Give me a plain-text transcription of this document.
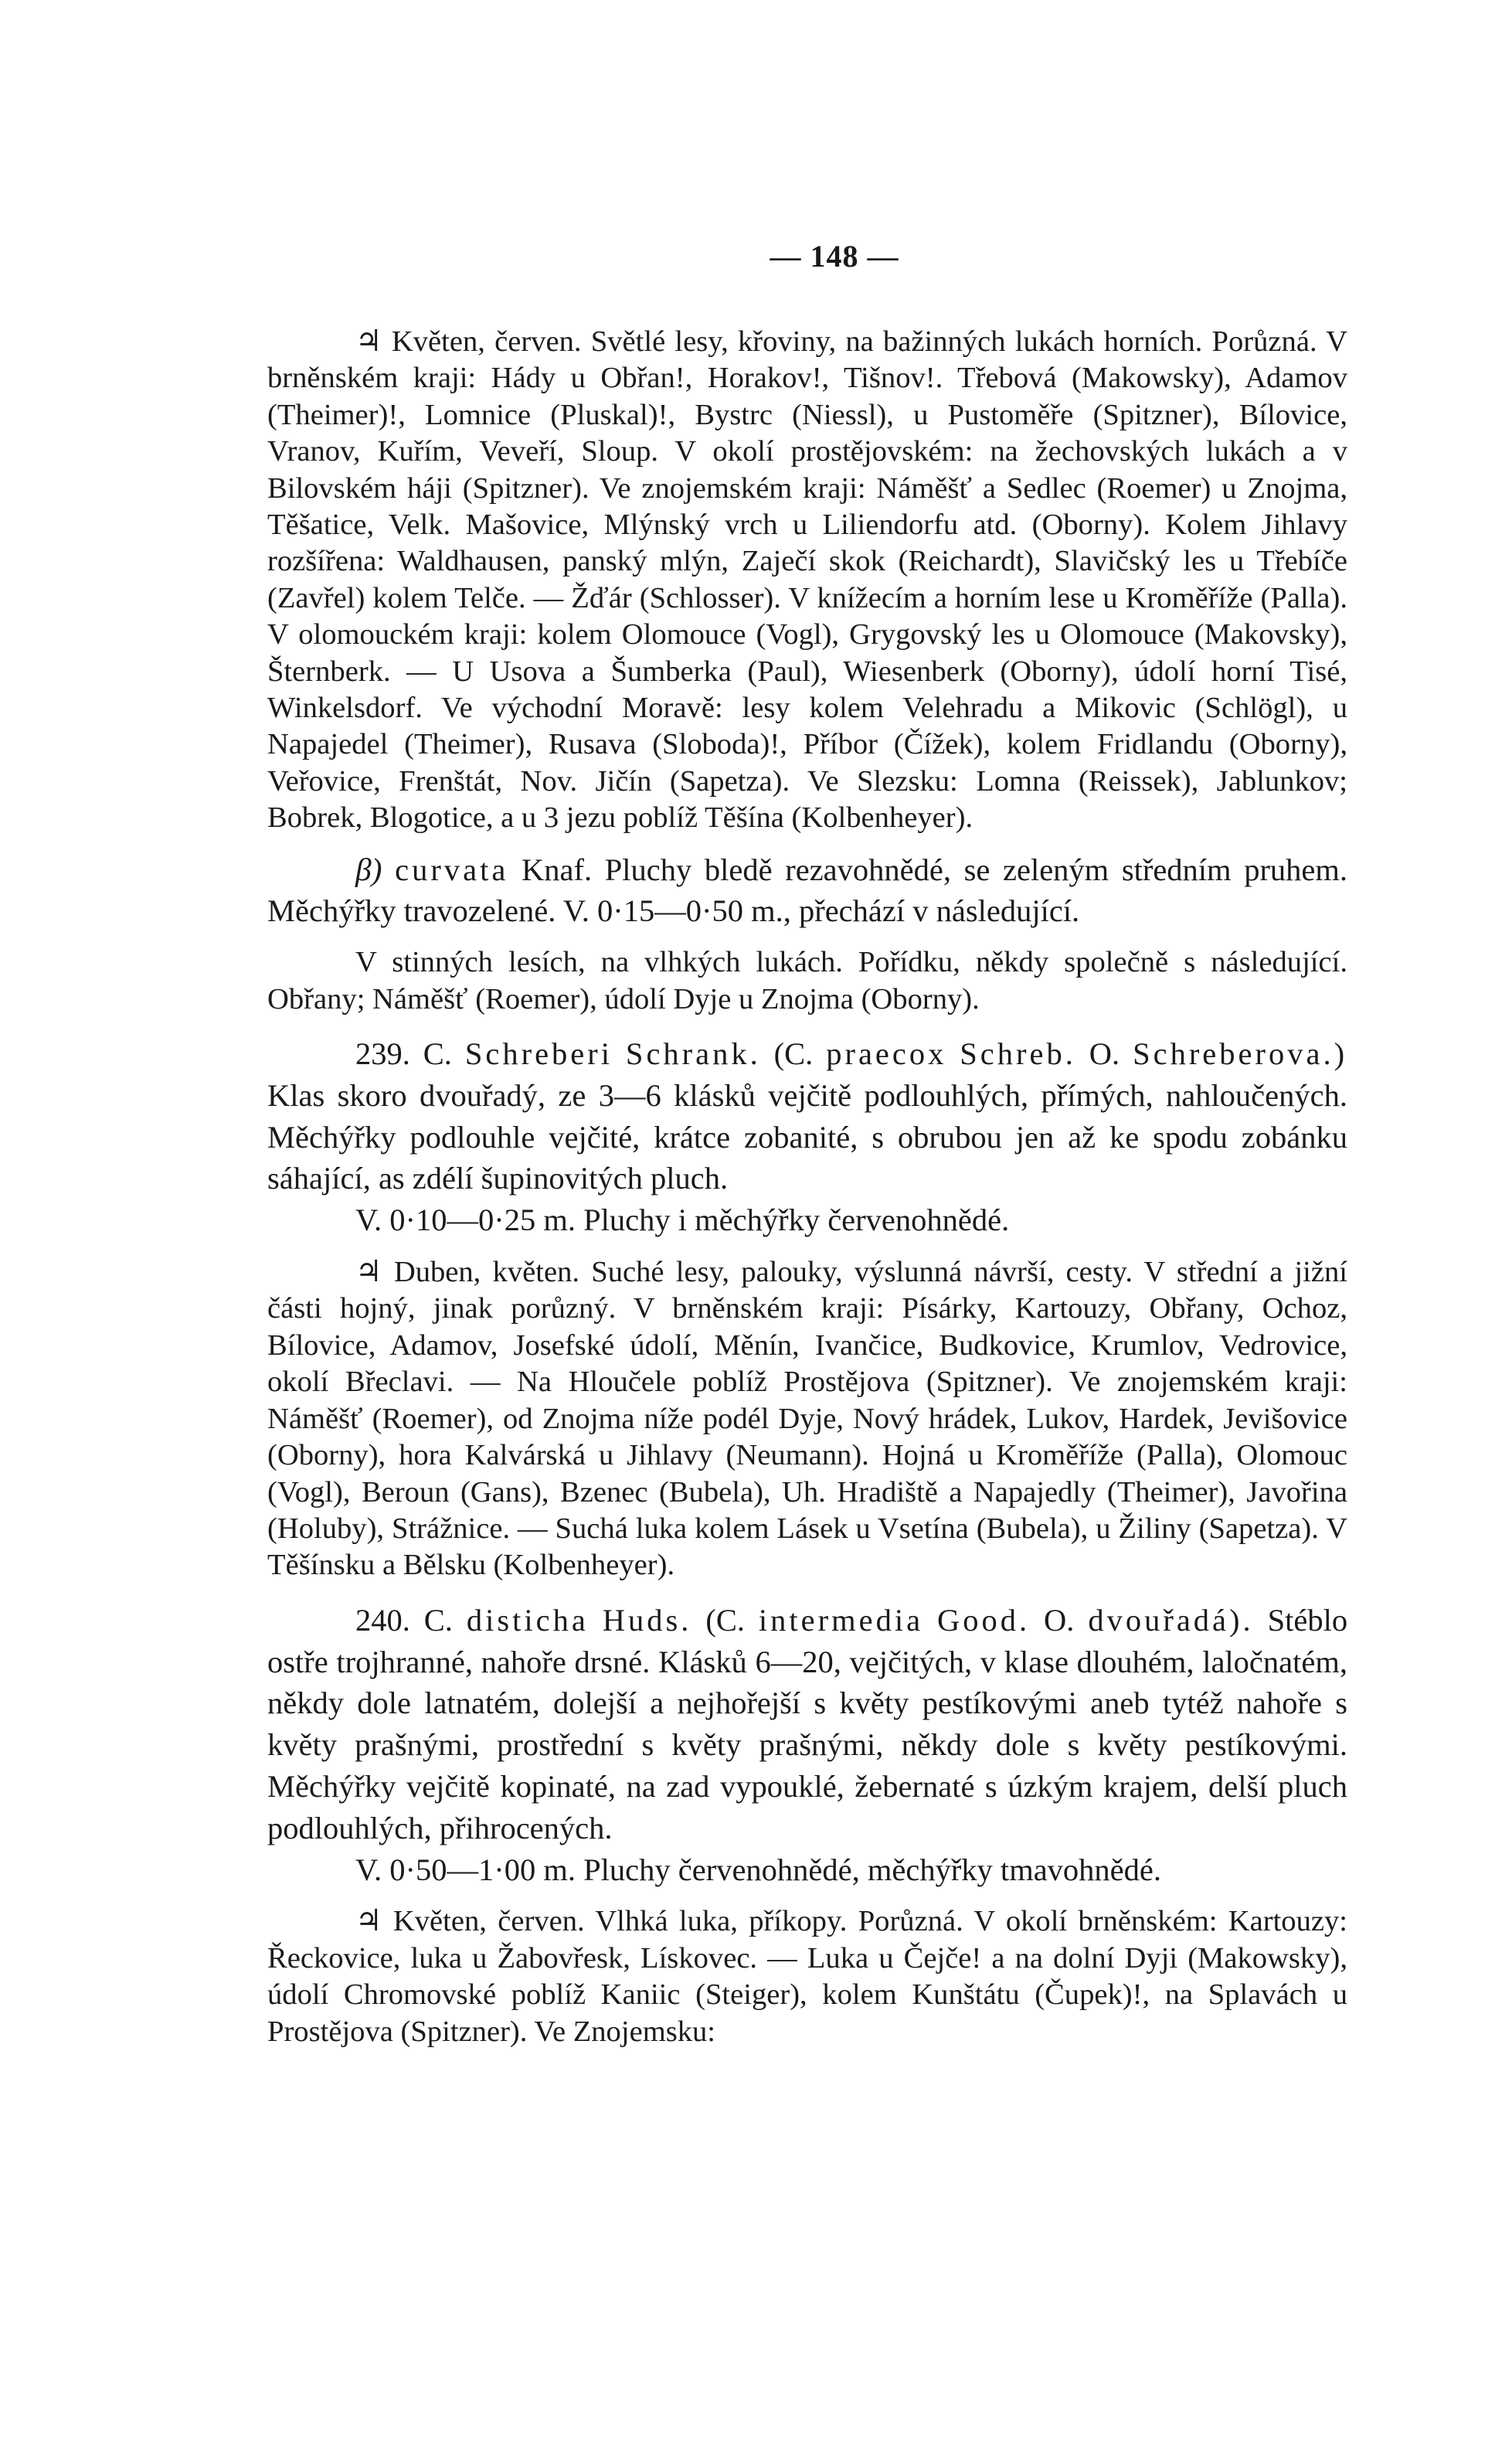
— 148 —

♃ Květen, červen. Světlé lesy, křoviny, na bažinných lukách horních. Porůzná. V brněnském kraji: Hády u Obřan!, Horakov!, Tišnov!. Třebová (Makowsky), Adamov (Theimer)!, Lomnice (Pluskal)!, Bystrc (Niessl), u Pustoměře (Spitzner), Bílovice, Vranov, Kuřím, Veveří, Sloup. V okolí prostějovském: na žechovských lukách a v Bilovském háji (Spitzner). Ve znojemském kraji: Náměšť a Sedlec (Roemer) u Znojma, Těšatice, Velk. Mašovice, Mlýnský vrch u Liliendorfu atd. (Oborny). Kolem Jihlavy rozšířena: Waldhausen, panský mlýn, Zaječí skok (Reichardt), Slavičský les u Třebíče (Zavřel) kolem Telče. — Žďár (Schlosser). V knížecím a horním lese u Kroměříže (Palla). V olomouckém kraji: kolem Olomouce (Vogl), Grygovský les u Olomouce (Makovsky), Šternberk. — U Usova a Šumberka (Paul), Wiesenberk (Oborny), údolí horní Tisé, Winkelsdorf. Ve východní Moravě: lesy kolem Velehradu a Mikovic (Schlögl), u Napajedel (Theimer), Rusava (Sloboda)!, Příbor (Čížek), kolem Fridlandu (Oborny), Veřovice, Frenštát, Nov. Jičín (Sapetza). Ve Slezsku: Lomna (Reissek), Jablunkov; Bobrek, Blogotice, a u 3 jezu poblíž Těšína (Kolbenheyer).

β) curvata Knaf. Pluchy bledě rezavohnědé, se zeleným středním pruhem. Měchýřky travozelené. V. 0·15—0·50 m., přechází v následující.

V stinných lesích, na vlhkých lukách. Pořídku, někdy společně s následující. Obřany; Náměšť (Roemer), údolí Dyje u Znojma (Oborny).

239. C. Schreberi Schrank. (C. praecox Schreb. O. Schreberova.) Klas skoro dvouřadý, ze 3—6 klásků vejčitě podlouhlých, přímých, nahloučených. Měchýřky podlouhle vejčité, krátce zobanité, s obrubou jen až ke spodu zobánku sáhající, as zdélí šupinovitých pluch.

V. 0·10—0·25 m. Pluchy i měchýřky červenohnědé.

♃ Duben, květen. Suché lesy, palouky, výslunná návrší, cesty. V střední a jižní části hojný, jinak porůzný. V brněnském kraji: Písárky, Kartouzy, Obřany, Ochoz, Bílovice, Adamov, Josefské údolí, Měnín, Ivančice, Budkovice, Krumlov, Vedrovice, okolí Břeclavi. — Na Hloučele poblíž Prostějova (Spitzner). Ve znojemském kraji: Náměšť (Roemer), od Znojma níže podél Dyje, Nový hrádek, Lukov, Hardek, Jevišovice (Oborny), hora Kalvárská u Jihlavy (Neumann). Hojná u Kroměříže (Palla), Olomouc (Vogl), Beroun (Gans), Bzenec (Bubela), Uh. Hradiště a Napajedly (Theimer), Javořina (Holuby), Strážnice. — Suchá luka kolem Lásek u Vsetína (Bubela), u Žiliny (Sapetza). V Těšínsku a Bělsku (Kolbenheyer).

240. C. disticha Huds. (C. intermedia Good. O. dvouřadá). Stéblo ostře trojhranné, nahoře drsné. Klásků 6—20, vejčitých, v klase dlouhém, laločnatém, někdy dole latnatém, dolejší a nejhořejší s květy pestíkovými aneb tytéž nahoře s květy prašnými, prostřední s květy prašnými, někdy dole s květy pestíkovými. Měchýřky vejčitě kopinaté, na zad vypouklé, žebernaté s úzkým krajem, delší pluch podlouhlých, přihrocených.

V. 0·50—1·00 m. Pluchy červenohnědé, měchýřky tmavohnědé.

♃ Květen, červen. Vlhká luka, příkopy. Porůzná. V okolí brněnském: Kartouzy: Řeckovice, luka u Žabovřesk, Lískovec. — Luka u Čejče! a na dolní Dyji (Makowsky), údolí Chromovské poblíž Kaniic (Steiger), kolem Kunštátu (Čupek)!, na Splavách u Prostějova (Spitzner). Ve Znojemsku:
